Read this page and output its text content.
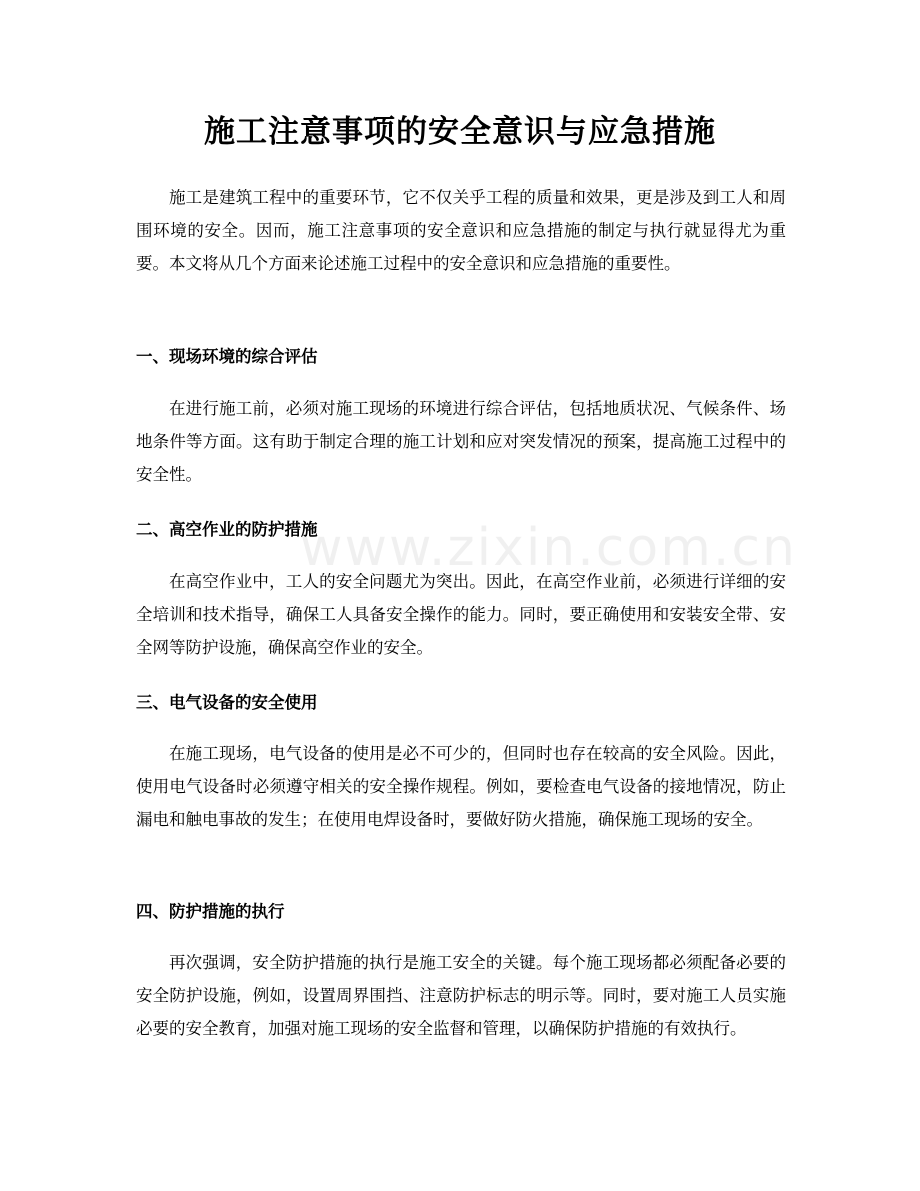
www.zixin.com.cn
施工注意事项的安全意识与应急措施

施工是建筑工程中的重要环节，它不仅关乎工程的质量和效果，更是涉及到工人和周围环境的安全。因而，施工注意事项的安全意识和应急措施的制定与执行就显得尤为重要。本文将从几个方面来论述施工过程中的安全意识和应急措施的重要性。

一、现场环境的综合评估

在进行施工前，必须对施工现场的环境进行综合评估，包括地质状况、气候条件、场地条件等方面。这有助于制定合理的施工计划和应对突发情况的预案，提高施工过程中的安全性。

二、高空作业的防护措施

在高空作业中，工人的安全问题尤为突出。因此，在高空作业前，必须进行详细的安全培训和技术指导，确保工人具备安全操作的能力。同时，要正确使用和安装安全带、安全网等防护设施，确保高空作业的安全。

三、电气设备的安全使用

在施工现场，电气设备的使用是必不可少的，但同时也存在较高的安全风险。因此，使用电气设备时必须遵守相关的安全操作规程。例如，要检查电气设备的接地情况，防止漏电和触电事故的发生；在使用电焊设备时，要做好防火措施，确保施工现场的安全。

四、防护措施的执行

再次强调，安全防护措施的执行是施工安全的关键。每个施工现场都必须配备必要的安全防护设施，例如，设置周界围挡、注意防护标志的明示等。同时，要对施工人员实施必要的安全教育，加强对施工现场的安全监督和管理，以确保防护措施的有效执行。
